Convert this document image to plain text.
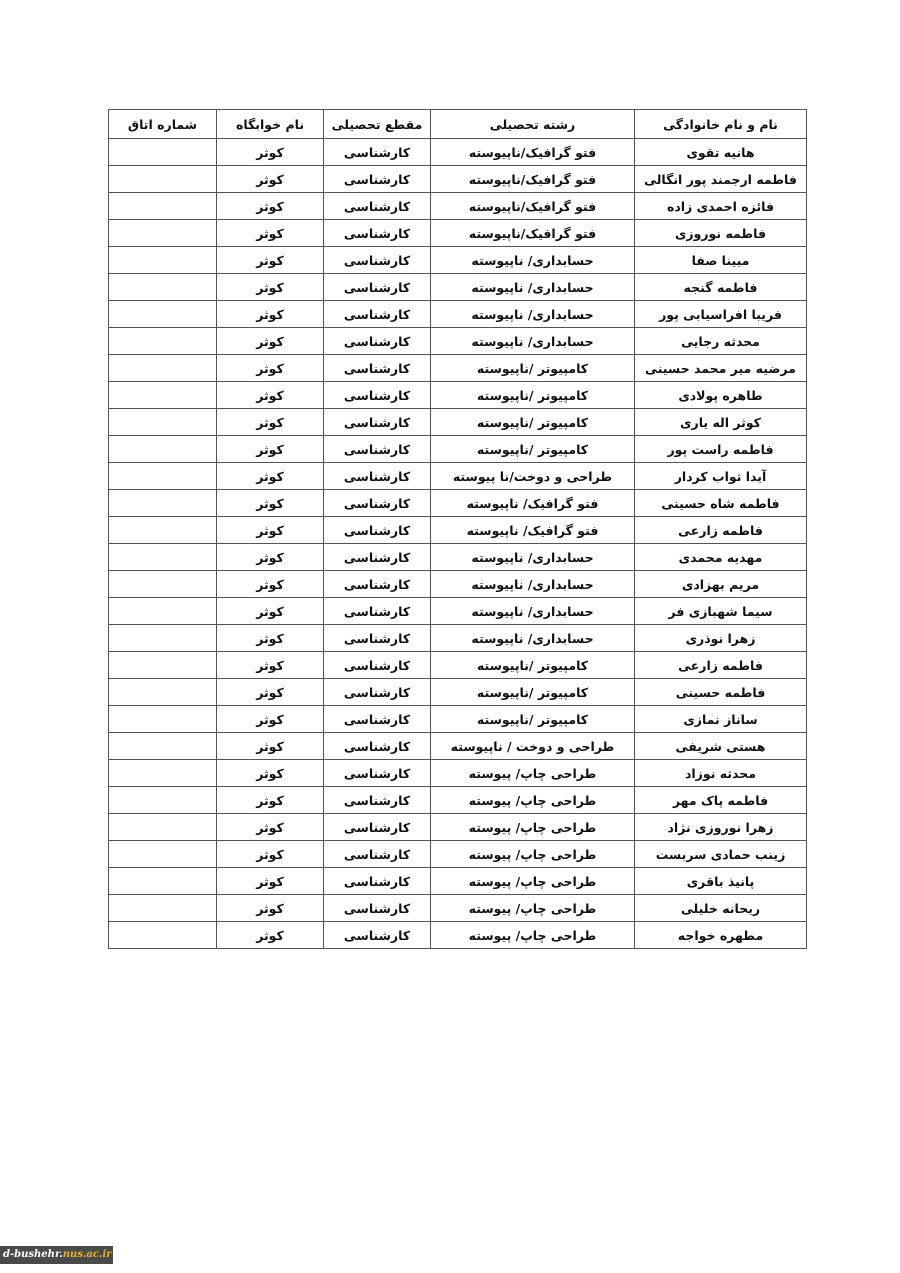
نام و نام خانوادگی	رشته تحصیلی	مقطع تحصیلی	نام خوابگاه	شماره اتاق
هانیه تقوی	فتو گرافیک/ناپیوسته	کارشناسی	کوثر	
فاطمه ارجمند پور انگالی	فتو گرافیک/ناپیوسته	کارشناسی	کوثر	
فائزه احمدی زاده	فتو گرافیک/ناپیوسته	کارشناسی	کوثر	
فاطمه نوروزی	فتو گرافیک/ناپیوسته	کارشناسی	کوثر	
مبینا صفا	حسابداری/ ناپیوسته	کارشناسی	کوثر	
فاطمه گنجه	حسابداری/ ناپیوسته	کارشناسی	کوثر	
فریبا افراسیابی پور	حسابداری/ ناپیوسته	کارشناسی	کوثر	
محدثه رجایی	حسابداری/ ناپیوسته	کارشناسی	کوثر	
مرضیه میر محمد حسینی	کامپیوتر /ناپیوسته	کارشناسی	کوثر	
طاهره پولادی	کامپیوتر /ناپیوسته	کارشناسی	کوثر	
کوثر اله یاری	کامپیوتر /ناپیوسته	کارشناسی	کوثر	
فاطمه راست پور	کامپیوتر /ناپیوسته	کارشناسی	کوثر	
آیدا ثواب کردار	طراحی و دوخت/نا پیوسته	کارشناسی	کوثر	
فاطمه شاه حسینی	فتو گرافیک/ ناپیوسته	کارشناسی	کوثر	
فاطمه زارعی	فتو گرافیک/ ناپیوسته	کارشناسی	کوثر	
مهدیه محمدی	حسابداری/ ناپیوسته	کارشناسی	کوثر	
مریم بهزادی	حسابداری/ ناپیوسته	کارشناسی	کوثر	
سیما شهبازی فر	حسابداری/ ناپیوسته	کارشناسی	کوثر	
زهرا نوذری	حسابداری/ ناپیوسته	کارشناسی	کوثر	
فاطمه زارعی	کامپیوتر /ناپیوسته	کارشناسی	کوثر	
فاطمه حسینی	کامپیوتر /ناپیوسته	کارشناسی	کوثر	
ساناز نمازی	کامپیوتر /ناپیوسته	کارشناسی	کوثر	
هستی شریفی	طراحی و دوخت / ناپیوسته	کارشناسی	کوثر	
محدثه نوزاد	طراحی چاپ/ پیوسته	کارشناسی	کوثر	
فاطمه پاک مهر	طراحی چاپ/ پیوسته	کارشناسی	کوثر	
زهرا نوروزی نژاد	طراحی چاپ/ پیوسته	کارشناسی	کوثر	
زینب حمادی سربست	طراحی چاپ/ پیوسته	کارشناسی	کوثر	
پانیذ باقری	طراحی چاپ/ پیوسته	کارشناسی	کوثر	
ریحانه خلیلی	طراحی چاپ/ پیوسته	کارشناسی	کوثر	
مطهره خواجه	طراحی چاپ/ پیوسته	کارشناسی	کوثر	
d-bushehr.nus.ac.ir
